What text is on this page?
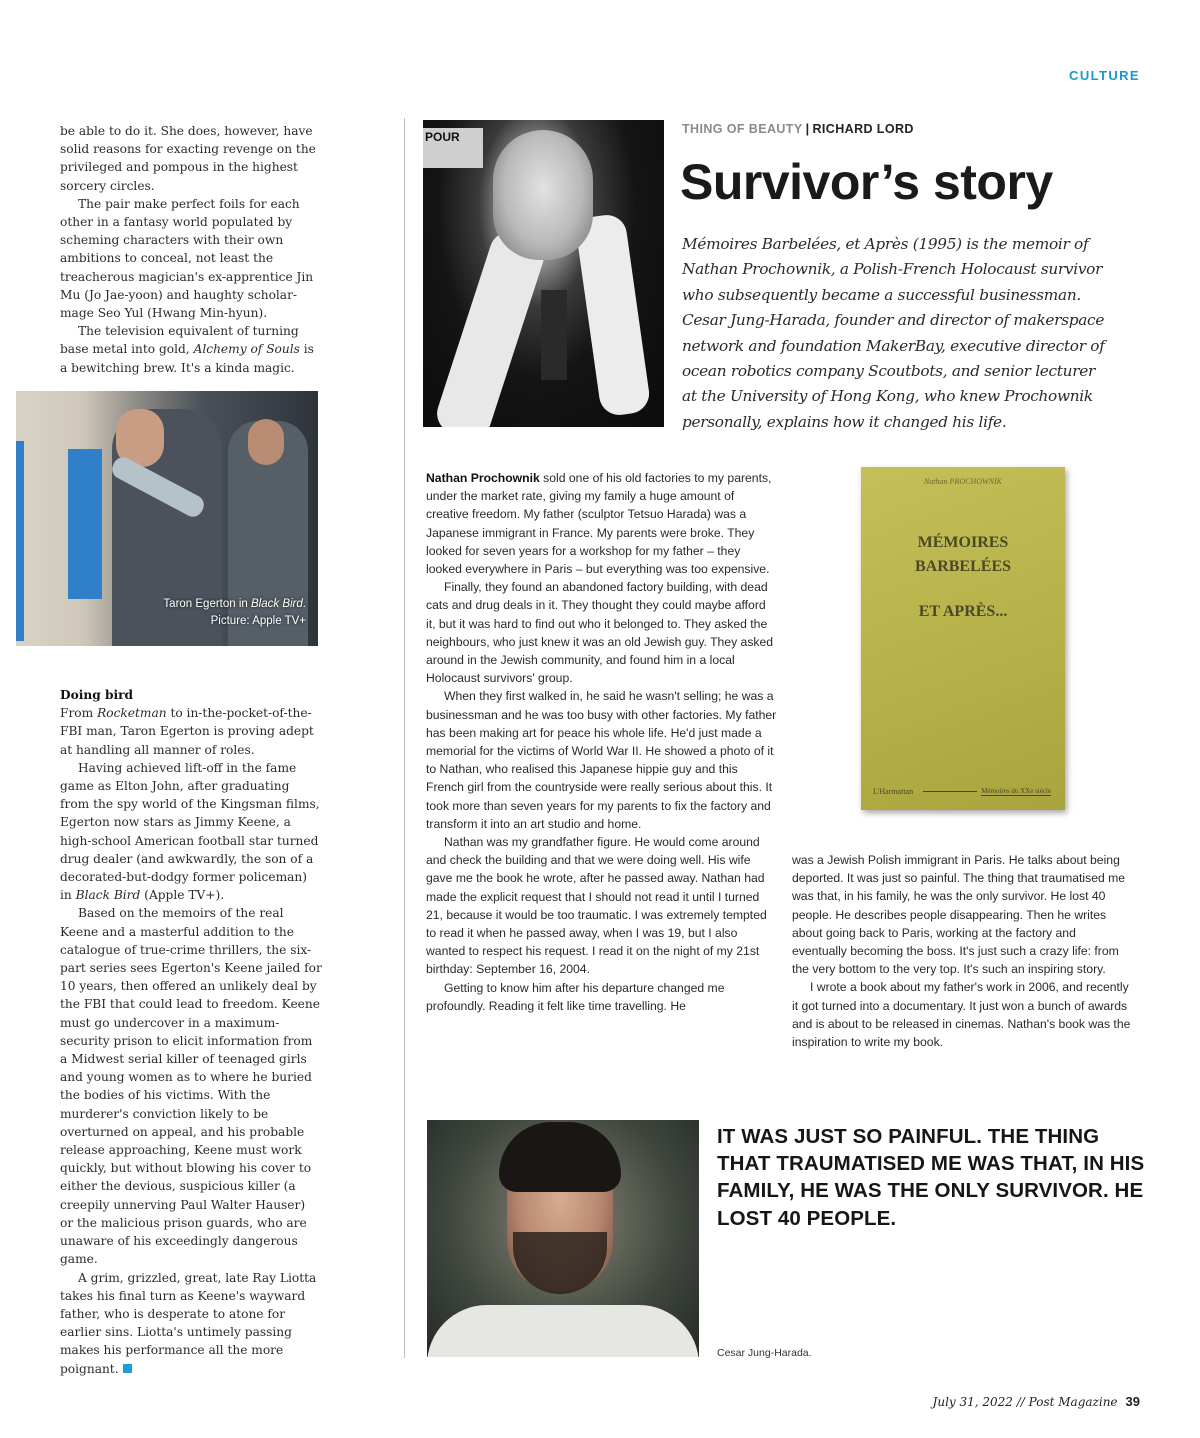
CULTURE

be able to do it. She does, however, have solid reasons for exacting revenge on the privileged and pompous in the highest sorcery circles.

The pair make perfect foils for each other in a fantasy world populated by scheming characters with their own ambitions to conceal, not least the treacherous magician's ex-apprentice Jin Mu (Jo Jae-yoon) and haughty scholar-mage Seo Yul (Hwang Min-hyun).

The television equivalent of turning base metal into gold, Alchemy of Souls is a bewitching brew. It's a kinda magic.

Taron Egerton in Black Bird.
Picture: Apple TV+

Doing bird

From Rocketman to in-the-pocket-of-the-FBI man, Taron Egerton is proving adept at handling all manner of roles.

Having achieved lift-off in the fame game as Elton John, after graduating from the spy world of the Kingsman films, Egerton now stars as Jimmy Keene, a high-school American football star turned drug dealer (and awkwardly, the son of a decorated-but-dodgy former policeman) in Black Bird (Apple TV+).

Based on the memoirs of the real Keene and a masterful addition to the catalogue of true-crime thrillers, the six-part series sees Egerton's Keene jailed for 10 years, then offered an unlikely deal by the FBI that could lead to freedom. Keene must go undercover in a maximum-security prison to elicit information from a Midwest serial killer of teenaged girls and young women as to where he buried the bodies of his victims. With the murderer's conviction likely to be overturned on appeal, and his probable release approaching, Keene must work quickly, but without blowing his cover to either the devious, suspicious killer (a creepily unnerving Paul Walter Hauser) or the malicious prison guards, who are unaware of his exceedingly dangerous game.

A grim, grizzled, great, late Ray Liotta takes his final turn as Keene's wayward father, who is desperate to atone for earlier sins. Liotta's untimely passing makes his performance all the more poignant.

POUR
THING OF BEAUTY | RICHARD LORD
Survivor’s story
Mémoires Barbelées, et Après (1995) is the memoir of Nathan Prochownik, a Polish-French Holocaust survivor who subsequently became a successful businessman. Cesar Jung-Harada, founder and director of makerspace network and foundation MakerBay, executive director of ocean robotics company Scoutbots, and senior lecturer at the University of Hong Kong, who knew Prochownik personally, explains how it changed his life.

Nathan Prochownik sold one of his old factories to my parents, under the market rate, giving my family a huge amount of creative freedom. My father (sculptor Tetsuo Harada) was a Japanese immigrant in France. My parents were broke. They looked for seven years for a workshop for my father – they looked everywhere in Paris – but everything was too expensive.

Finally, they found an abandoned factory building, with dead cats and drug deals in it. They thought they could maybe afford it, but it was hard to find out who it belonged to. They asked the neighbours, who just knew it was an old Jewish guy. They asked around in the Jewish community, and found him in a local Holocaust survivors' group.

When they first walked in, he said he wasn't selling; he was a businessman and he was too busy with other factories. My father has been making art for peace his whole life. He'd just made a memorial for the victims of World War II. He showed a photo of it to Nathan, who realised this Japanese hippie guy and this French girl from the countryside were really serious about this. It took more than seven years for my parents to fix the factory and transform it into an art studio and home.

Nathan was my grandfather figure. He would come around and check the building and that we were doing well. His wife gave me the book he wrote, after he passed away. Nathan had made the explicit request that I should not read it until I turned 21, because it would be too traumatic. I was extremely tempted to read it when he passed away, when I was 19, but I also wanted to respect his request. I read it on the night of my 21st birthday: September 16, 2004.

Getting to know him after his departure changed me profoundly. Reading it felt like time travelling. He

Nathan PROCHOWNIK
MÉMOIRES
BARBELÉES
ET APRÈS...
L'Harmattan	Mémoires du XXe siècle

was a Jewish Polish immigrant in Paris. He talks about being deported. It was just so painful. The thing that traumatised me was that, in his family, he was the only survivor. He lost 40 people. He describes people disappearing. Then he writes about going back to Paris, working at the factory and eventually becoming the boss. It's just such a crazy life: from the very bottom to the very top. It's such an inspiring story.

I wrote a book about my father's work in 2006, and recently it got turned into a documentary. It just won a bunch of awards and is about to be released in cinemas. Nathan's book was the inspiration to write my book.

IT WAS JUST SO PAINFUL. THE THING THAT TRAUMATISED ME WAS THAT, IN HIS FAMILY, HE WAS THE ONLY SURVIVOR. HE LOST 40 PEOPLE.
Cesar Jung-Harada.
July 31, 2022 // Post Magazine 39
